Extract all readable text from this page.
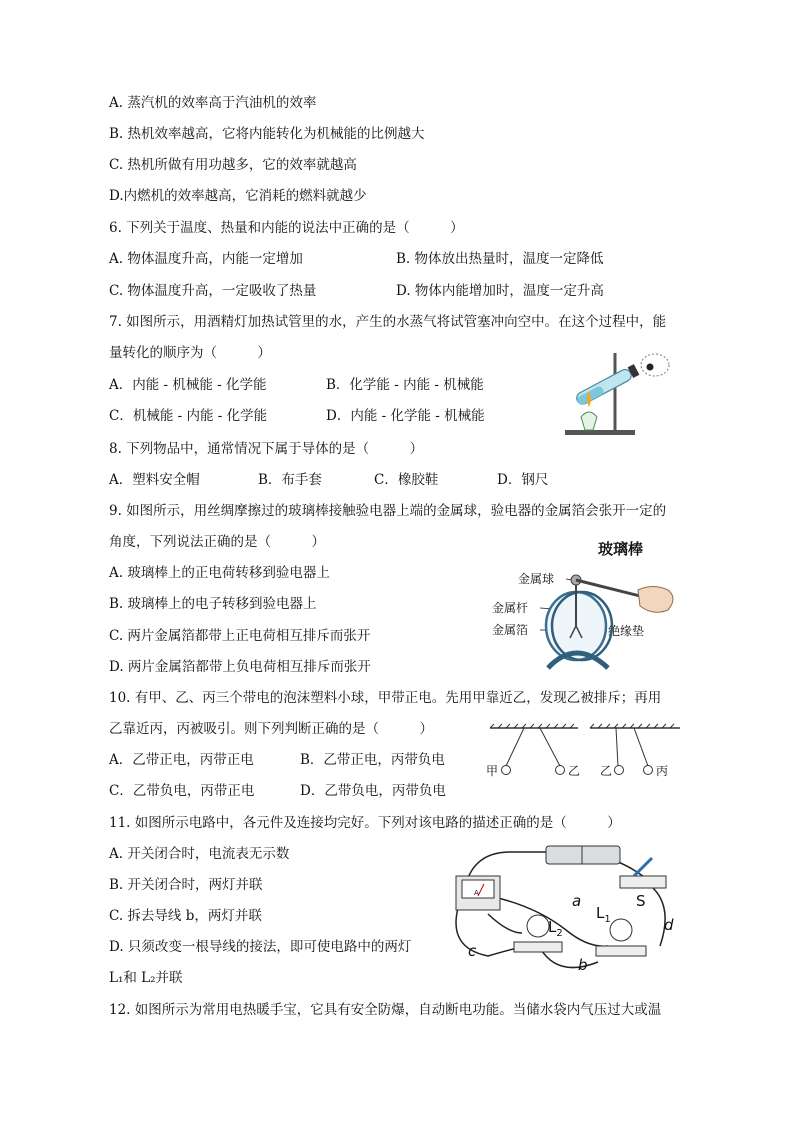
A. 蒸汽机的效率高于汽油机的效率
B. 热机效率越高，它将内能转化为机械能的比例越大
C. 热机所做有用功越多，它的效率就越高
D.内燃机的效率越高，它消耗的燃料就越少
6. 下列关于温度、热量和内能的说法中正确的是（　　　）
A. 物体温度升高，内能一定增加	B. 物体放出热量时，温度一定降低
C. 物体温度升高，一定吸收了热量	D. 物体内能增加时，温度一定升高
7. 如图所示，用酒精灯加热试管里的水，产生的水蒸气将试管塞冲向空中。在这个过程中，能
量转化的顺序为（　　　）
A．内能 - 机械能 - 化学能	B．化学能 - 内能 - 机械能
C．机械能 - 内能 - 化学能	D．内能 - 化学能 - 机械能
8. 下列物品中，通常情况下属于导体的是（　　　）
A．塑料安全帽	B．布手套	C．橡胶鞋	D．钢尺
9. 如图所示，用丝绸摩擦过的玻璃棒接触验电器上端的金属球，验电器的金属箔会张开一定的
角度，下列说法正确的是（　　　）
A. 玻璃棒上的正电荷转移到验电器上
B. 玻璃棒上的电子转移到验电器上
C. 两片金属箔都带上正电荷相互排斥而张开
D. 两片金属箔都带上负电荷相互排斥而张开
玻璃棒
金属球
金属杆
金属箔	绝缘垫
10. 有甲、乙、丙三个带电的泡沫塑料小球，甲带正电。先用甲靠近乙，发现乙被排斥；再用
乙靠近丙，丙被吸引。则下列判断正确的是（　　　）
A．乙带正电，丙带正电	B．乙带正电，丙带负电
C．乙带负电，丙带正电	D．乙带负电，丙带负电
甲	乙 乙	丙
11. 如图所示电路中，各元件及连接均完好。下列对该电路的描述正确的是（　　　）
A. 开关闭合时，电流表无示数
B. 开关闭合时，两灯并联
C. 拆去导线 b，两灯并联
D. 只须改变一根导线的接法，即可使电路中的两灯
L₁和 L₂并联
A	S
$L_2$
$L_1$
a
b
c
d
12. 如图所示为常用电热暖手宝，它具有安全防爆，自动断电功能。当储水袋内气压过大或温
